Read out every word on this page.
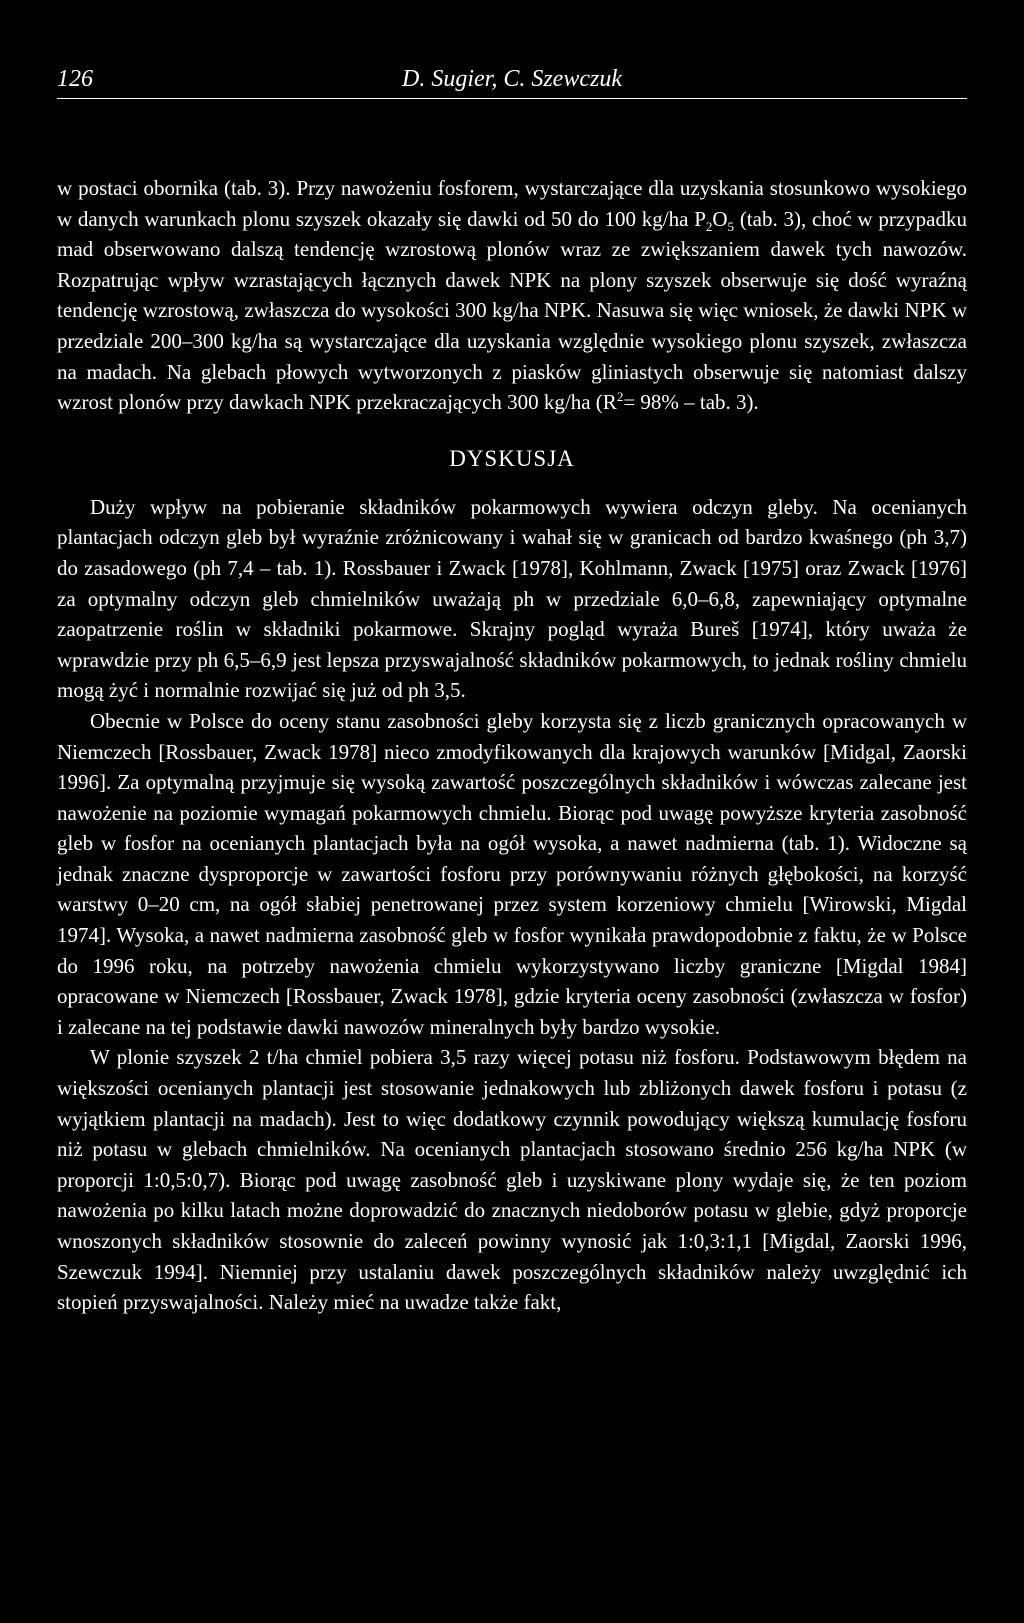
126	D. Sugier, C. Szewczuk

w postaci obornika (tab. 3). Przy nawożeniu fosforem, wystarczające dla uzyskania stosunkowo wysokiego w danych warunkach plonu szyszek okazały się dawki od 50 do 100 kg/ha $P_2O_5$ (tab. 3), choć w przypadku mad obserwowano dalszą tendencję wzrostową plonów wraz ze zwiększaniem dawek tych nawozów. Rozpatrując wpływ wzrastających łącznych dawek NPK na plony szyszek obserwuje się dość wyraźną tendencję wzrostową, zwłaszcza do wysokości 300 kg/ha NPK. Nasuwa się więc wniosek, że dawki NPK w przedziale 200–300 kg/ha są wystarczające dla uzyskania względnie wysokiego plonu szyszek, zwłaszcza na madach. Na glebach płowych wytworzonych z piasków gliniastych obserwuje się natomiast dalszy wzrost plonów przy dawkach NPK przekraczających 300 kg/ha ($R^2= 98\%$ – tab. 3).

DYSKUSJA

Duży wpływ na pobieranie składników pokarmowych wywiera odczyn gleby. Na ocenianych plantacjach odczyn gleb był wyraźnie zróżnicowany i wahał się w granicach od bardzo kwaśnego (ph 3,7) do zasadowego (ph 7,4 – tab. 1). Rossbauer i Zwack [1978], Kohlmann, Zwack [1975] oraz Zwack [1976] za optymalny odczyn gleb chmielników uważają ph w przedziale 6,0–6,8, zapewniający optymalne zaopatrzenie roślin w składniki pokarmowe. Skrajny pogląd wyraża Bureš [1974], który uważa że wprawdzie przy ph 6,5–6,9 jest lepsza przyswajalność składników pokarmowych, to jednak rośliny chmielu mogą żyć i normalnie rozwijać się już od ph 3,5.

Obecnie w Polsce do oceny stanu zasobności gleby korzysta się z liczb granicznych opracowanych w Niemczech [Rossbauer, Zwack 1978] nieco zmodyfikowanych dla krajowych warunków [Midgal, Zaorski 1996]. Za optymalną przyjmuje się wysoką zawartość poszczególnych składników i wówczas zalecane jest nawożenie na poziomie wymagań pokarmowych chmielu. Biorąc pod uwagę powyższe kryteria zasobność gleb w fosfor na ocenianych plantacjach była na ogół wysoka, a nawet nadmierna (tab. 1). Widoczne są jednak znaczne dysproporcje w zawartości fosforu przy porównywaniu różnych głębokości, na korzyść warstwy 0–20 cm, na ogół słabiej penetrowanej przez system korzeniowy chmielu [Wirowski, Migdal 1974]. Wysoka, a nawet nadmierna zasobność gleb w fosfor wynikała prawdopodobnie z faktu, że w Polsce do 1996 roku, na potrzeby nawożenia chmielu wykorzystywano liczby graniczne [Migdal 1984] opracowane w Niemczech [Rossbauer, Zwack 1978], gdzie kryteria oceny zasobności (zwłaszcza w fosfor) i zalecane na tej podstawie dawki nawozów mineralnych były bardzo wysokie.

W plonie szyszek 2 t/ha chmiel pobiera 3,5 razy więcej potasu niż fosforu. Podstawowym błędem na większości ocenianych plantacji jest stosowanie jednakowych lub zbliżonych dawek fosforu i potasu (z wyjątkiem plantacji na madach). Jest to więc dodatkowy czynnik powodujący większą kumulację fosforu niż potasu w glebach chmielników. Na ocenianych plantacjach stosowano średnio 256 kg/ha NPK (w proporcji 1:0,5:0,7). Biorąc pod uwagę zasobność gleb i uzyskiwane plony wydaje się, że ten poziom nawożenia po kilku latach możne doprowadzić do znacznych niedoborów potasu w glebie, gdyż proporcje wnoszonych składników stosownie do zaleceń powinny wynosić jak 1:0,3:1,1 [Migdal, Zaorski 1996, Szewczuk 1994]. Niemniej przy ustalaniu dawek poszczególnych składników należy uwzględnić ich stopień przyswajalności. Należy mieć na uwadze także fakt,
